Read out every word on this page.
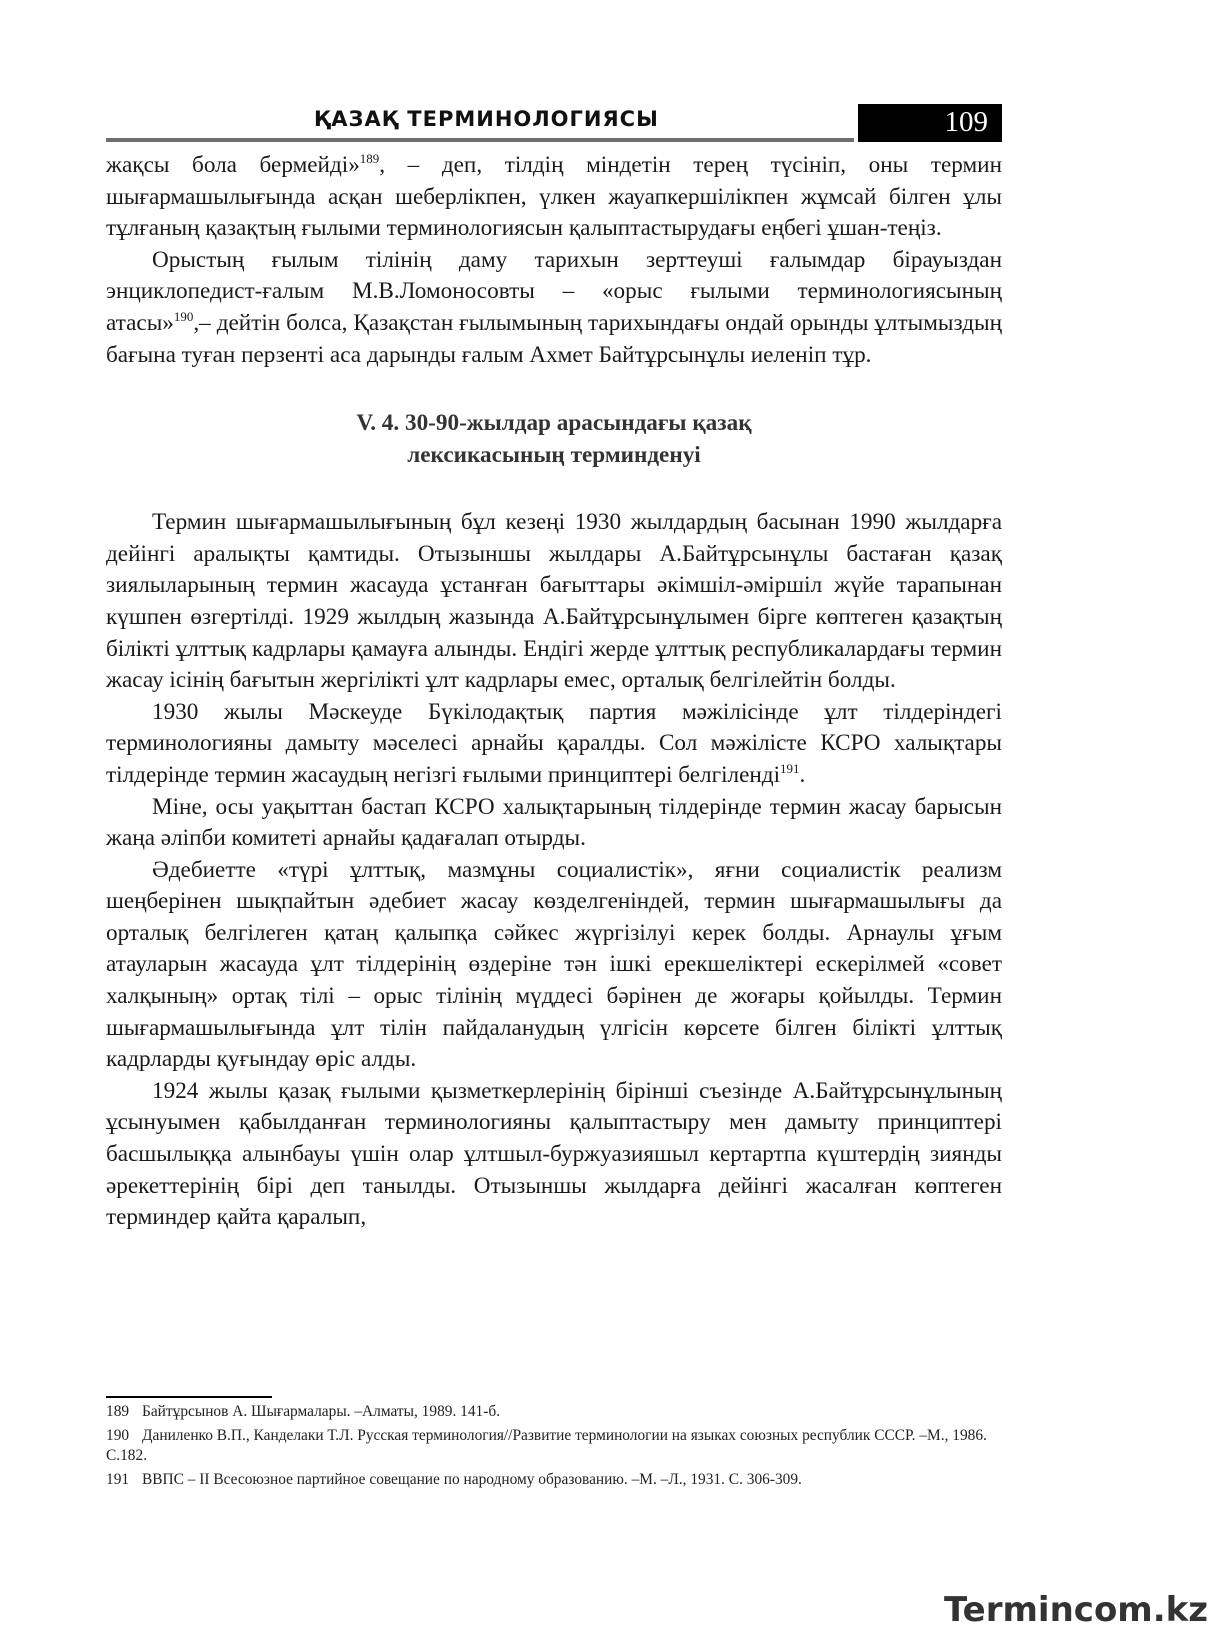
ҚАЗАҚ ТЕРМИНОЛОГИЯСЫ	109

жақсы бола бермейді»$^{189}$, – деп, тілдің міндетін терең түсініп, оны термин шығармашылығында асқан шеберлікпен, үлкен жауапкершілікпен жұмсай білген ұлы тұлғаның қазақтың ғылыми терминологиясын қалыптастырудағы еңбегі ұшан-теңіз.

Орыстың ғылым тілінің даму тарихын зерттеуші ғалымдар бірауыздан энциклопедист-ғалым М.В.Ломоносовты – «орыс ғылыми терминологиясының атасы»$^{190}$,– дейтін болса, Қазақстан ғылымының тарихындағы ондай орынды ұлтымыздың бағына туған перзенті аса дарынды ғалым Ахмет Байтұрсынұлы иеленіп тұр.

V. 4. 30-90-жылдар арасындағы қазақ
лексикасының терминденуі

Термин шығармашылығының бұл кезеңі 1930 жылдардың басынан 1990 жылдарға дейінгі аралықты қамтиды. Отызыншы жылдары А.Байтұрсынұлы бастаған қазақ зиялыларының термин жасауда ұстанған бағыттары әкімшіл-әміршіл жүйе тарапынан күшпен өзгертілді. 1929 жылдың жазында А.Байтұрсынұлымен бірге көптеген қазақтың білікті ұлттық кадрлары қамауға алынды. Ендігі жерде ұлттық республикалардағы термин жасау ісінің бағытын жергілікті ұлт кадрлары емес, орталық белгілейтін болды.

1930 жылы Мәскеуде Бүкілодақтық партия мәжілісінде ұлт тілдеріндегі терминологияны дамыту мәселесі арнайы қаралды. Сол мәжілісте КСРО халықтары тілдерінде термин жасаудың негізгі ғылыми принциптері белгіленді$^{191}$.

Міне, осы уақыттан бастап КСРО халықтарының тілдерінде термин жасау барысын жаңа әліпби комитеті арнайы қадағалап отырды.

Әдебиетте «түрі ұлттық, мазмұны социалистік», яғни социалистік реализм шеңберінен шықпайтын әдебиет жасау көзделгеніндей, термин шығармашылығы да орталық белгілеген қатаң қалыпқа сәйкес жүргізілуі керек болды. Арнаулы ұғым атауларын жасауда ұлт тілдерінің өздеріне тән ішкі ерекшеліктері ескерілмей «совет халқының» ортақ тілі – орыс тілінің мүддесі бәрінен де жоғары қойылды. Термин шығармашылығында ұлт тілін пайдаланудың үлгісін көрсете білген білікті ұлттық кадрларды қуғындау өріс алды.

1924 жылы қазақ ғылыми қызметкерлерінің бірінші съезінде А.Байтұрсынұлының ұсынуымен қабылданған терминологияны қалыптастыру мен дамыту принциптері басшылыққа алынбауы үшін олар ұлтшыл-буржуазияшыл кертартпа күштердің зиянды әрекеттерінің бірі деп танылды. Отызыншы жылдарға дейінгі жасалған көптеген терминдер қайта қаралып,

189 Байтұрсынов А. Шығармалары. –Алматы, 1989. 141-б.

190 Даниленко В.П., Канделаки Т.Л. Русская терминология//Развитие терминологии на языках союзных республик СССР. –М., 1986. С.182.

191 ВВПС – II Всесоюзное партийное совещание по народному образованию. –М. –Л., 1931. С. 306-309.

Termincom.kz
